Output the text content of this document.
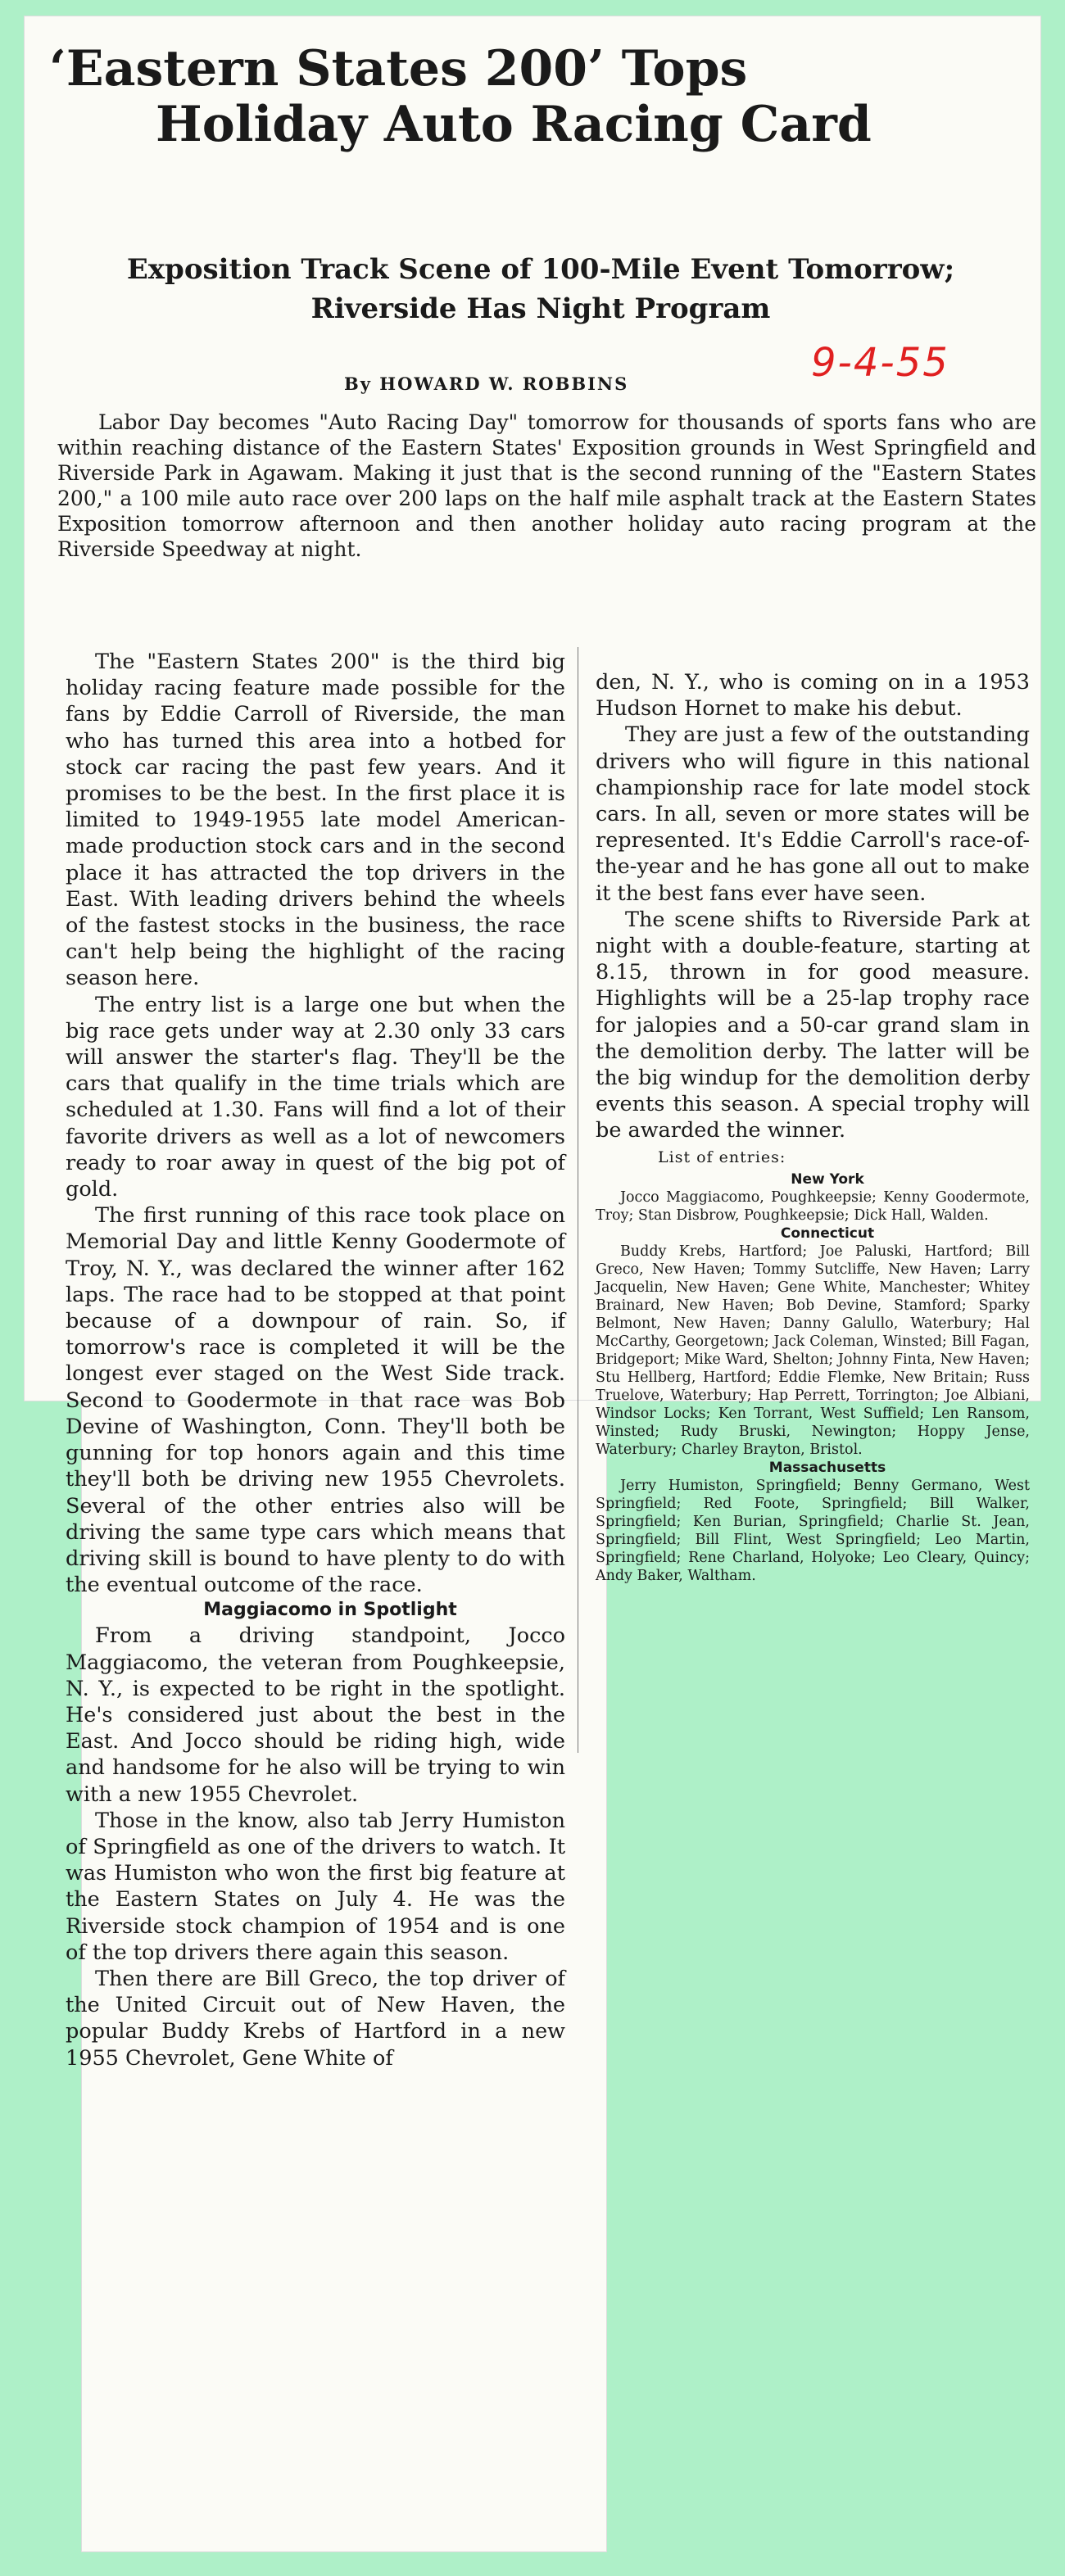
‘Eastern States 200’ Tops
Holiday Auto Racing Card
Exposition Track Scene of 100-Mile Event Tomorrow; Riverside Has Night Program

By HOWARD W. ROBBINS	9-4-55

Labor Day becomes "Auto Racing Day" tomorrow for thousands of sports fans who are within reaching distance of the Eastern States' Exposition grounds in West Springfield and Riverside Park in Agawam. Making it just that is the second running of the "Eastern States 200," a 100 mile auto race over 200 laps on the half mile asphalt track at the Eastern States Exposition tomorrow afternoon and then another holiday auto racing program at the Riverside Speedway at night.

The "Eastern States 200" is the third big holiday racing feature made possible for the fans by Eddie Carroll of Riverside, the man who has turned this area into a hotbed for stock car racing the past few years. And it promises to be the best. In the first place it is limited to 1949-1955 late model American-made production stock cars and in the second place it has attracted the top drivers in the East. With leading drivers behind the wheels of the fastest stocks in the business, the race can't help being the highlight of the racing season here.

The entry list is a large one but when the big race gets under way at 2.30 only 33 cars will answer the starter's flag. They'll be the cars that qualify in the time trials which are scheduled at 1.30. Fans will find a lot of their favorite drivers as well as a lot of newcomers ready to roar away in quest of the big pot of gold.

The first running of this race took place on Memorial Day and little Kenny Goodermote of Troy, N. Y., was declared the winner after 162 laps. The race had to be stopped at that point because of a downpour of rain. So, if tomorrow's race is completed it will be the longest ever staged on the West Side track. Second to Goodermote in that race was Bob Devine of Washington, Conn. They'll both be gunning for top honors again and this time they'll both be driving new 1955 Chevrolets. Several of the other entries also will be driving the same type cars which means that driving skill is bound to have plenty to do with the eventual outcome of the race.

Maggiacomo in Spotlight

From a driving standpoint, Jocco Maggiacomo, the veteran from Poughkeepsie, N. Y., is expected to be right in the spotlight. He's considered just about the best in the East. And Jocco should be riding high, wide and handsome for he also will be trying to win with a new 1955 Chevrolet.

Those in the know, also tab Jerry Humiston of Springfield as one of the drivers to watch. It was Humiston who won the first big feature at the Eastern States on July 4. He was the Riverside stock champion of 1954 and is one of the top drivers there again this season.

Then there are Bill Greco, the top driver of the United Circuit out of New Haven, the popular Buddy Krebs of Hartford in a new 1955 Chevrolet, Gene White of

den, N. Y., who is coming on in a 1953 Hudson Hornet to make his debut.

They are just a few of the outstanding drivers who will figure in this national championship race for late model stock cars. In all, seven or more states will be represented. It's Eddie Carroll's race-of-the-year and he has gone all out to make it the best fans ever have seen.

The scene shifts to Riverside Park at night with a double-feature, starting at 8.15, thrown in for good measure. Highlights will be a 25-lap trophy race for jalopies and a 50-car grand slam in the demolition derby. The latter will be the big windup for the demolition derby events this season. A special trophy will be awarded the winner.

List of entries:

New York

Jocco Maggiacomo, Poughkeepsie; Kenny Goodermote, Troy; Stan Disbrow, Poughkeepsie; Dick Hall, Walden.

Connecticut

Buddy Krebs, Hartford; Joe Paluski, Hartford; Bill Greco, New Haven; Tommy Sutcliffe, New Haven; Larry Jacquelin, New Haven; Gene White, Manchester; Whitey Brainard, New Haven; Bob Devine, Stamford; Sparky Belmont, New Haven; Danny Galullo, Waterbury; Hal McCarthy, Georgetown; Jack Coleman, Winsted; Bill Fagan, Bridgeport; Mike Ward, Shelton; Johnny Finta, New Haven; Stu Hellberg, Hartford; Eddie Flemke, New Britain; Russ Truelove, Waterbury; Hap Perrett, Torrington; Joe Albiani, Windsor Locks; Ken Torrant, West Suffield; Len Ransom, Winsted; Rudy Bruski, Newington; Hoppy Jense, Waterbury; Charley Brayton, Bristol.

Massachusetts

Jerry Humiston, Springfield; Benny Germano, West Springfield; Red Foote, Springfield; Bill Walker, Springfield; Ken Burian, Springfield; Charlie St. Jean, Springfield; Bill Flint, West Springfield; Leo Martin, Springfield; Rene Charland, Holyoke; Leo Cleary, Quincy; Andy Baker, Waltham.
